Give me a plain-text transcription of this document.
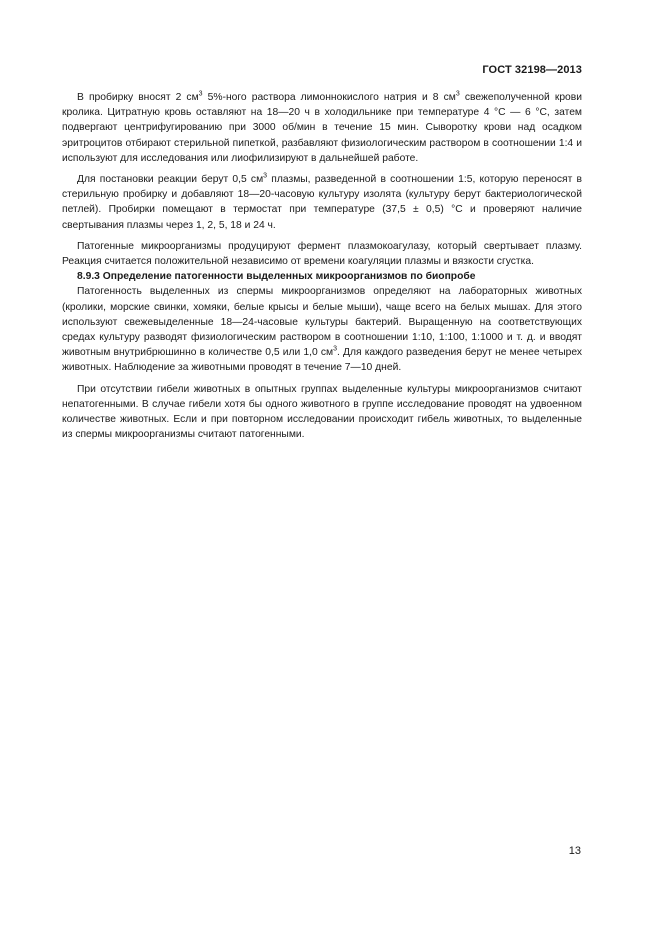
ГОСТ 32198—2013

В пробирку вносят 2 $см^3$ 5%-ного раствора лимоннокислого натрия и 8 $см^3$ свежеполученной крови кролика. Цитратную кровь оставляют на 18—20 ч в холодильнике при температуре 4 °С — 6 °С, затем подвергают центрифугированию при 3000 об/мин в течение 15 мин. Сыворотку крови над осадком эритроцитов отбирают стерильной пипеткой, разбавляют физиологическим раствором в соотношении 1:4 и используют для исследования или лиофилизируют в дальнейшей работе.

Для постановки реакции берут 0,5 $см^3$ плазмы, разведенной в соотношении 1:5, которую переносят в стерильную пробирку и добавляют 18—20-часовую культуру изолята (культуру берут бактериологической петлей). Пробирки помещают в термостат при температуре (37,5 ± 0,5) °С и проверяют наличие свертывания плазмы через 1, 2, 5, 18 и 24 ч.

Патогенные микроорганизмы продуцируют фермент плазмокоагулазу, который свертывает плазму. Реакция считается положительной независимо от времени коагуляции плазмы и вязкости сгустка.

8.9.3 Определение патогенности выделенных микроорганизмов по биопробе

Патогенность выделенных из спермы микроорганизмов определяют на лабораторных животных (кролики, морские свинки, хомяки, белые крысы и белые мыши), чаще всего на белых мышах. Для этого используют свежевыделенные 18—24-часовые культуры бактерий. Выращенную на соответствующих средах культуру разводят физиологическим раствором в соотношении 1:10, 1:100, 1:1000 и т. д. и вводят животным внутрибрюшинно в количестве 0,5 или 1,0 $см^3$. Для каждого разведения берут не менее четырех животных. Наблюдение за животными проводят в течение 7—10 дней.

При отсутствии гибели животных в опытных группах выделенные культуры микроорганизмов считают непатогенными. В случае гибели хотя бы одного животного в группе исследование проводят на удвоенном количестве животных. Если и при повторном исследовании происходит гибель животных, то выделенные из спермы микроорганизмы считают патогенными.

13
